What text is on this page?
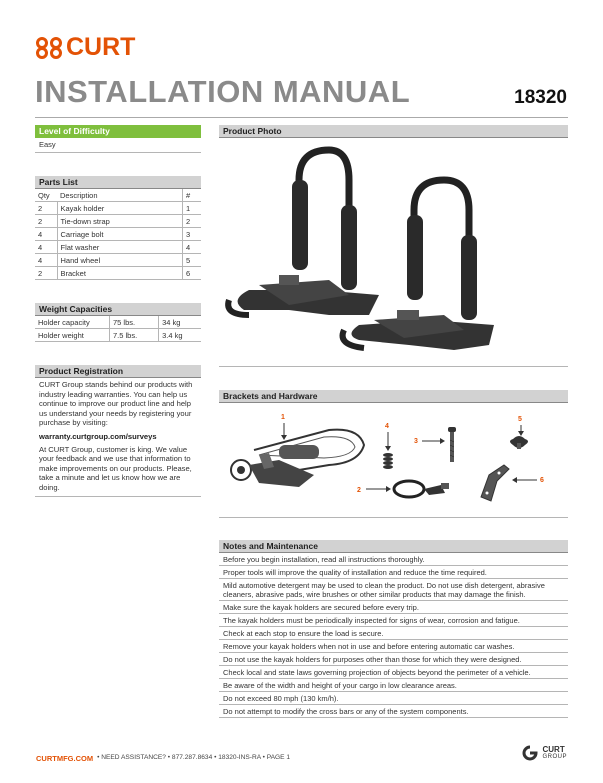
CURT
INSTALLATION MANUAL	18320
Level of Difficulty
Easy
Parts List
Qty	Description	#
2	Kayak holder	1
2	Tie-down strap	2
4	Carriage bolt	3
4	Flat washer	4
4	Hand wheel	5
2	Bracket	6
Weight Capacities
Holder capacity	75 lbs.	34 kg
Holder weight	7.5 lbs.	3.4 kg
Product Registration
CURT Group stands behind our products with industry leading warranties. You can help us continue to improve our product line and help us understand your needs by registering your purchase by visiting:
warranty.curtgroup.com/surveys
At CURT Group, customer is king. We value your feedback and we use that information to make improvements on our products. Please, take a minute and let us know how we are doing.
Product Photo
Brackets and Hardware
1
4
3
5
6
2
Notes and Maintenance
Before you begin installation, read all instructions thoroughly.
Proper tools will improve the quality of installation and reduce the time required.
Mild automotive detergent may be used to clean the product. Do not use dish detergent, abrasive cleaners, abrasive pads, wire brushes or other similar products that may damage the finish.
Make sure the kayak holders are secured before every trip.
The kayak holders must be periodically inspected for signs of wear, corrosion and fatigue.
Check at each stop to ensure the load is secure.
Remove your kayak holders when not in use and before entering automatic car washes.
Do not use the kayak holders for purposes other than those for which they were designed.
Check local and state laws governing projection of objects beyond the perimeter of a vehicle.
Be aware of the width and height of your cargo in low clearance areas.
Do not exceed 80 mph (130 km/h).
Do not attempt to modify the cross bars or any of the system components.
CURTMFG.COM • NEED ASSISTANCE? • 877.287.8634 • 18320-INS-RA • PAGE 1
CURT
GROUP
